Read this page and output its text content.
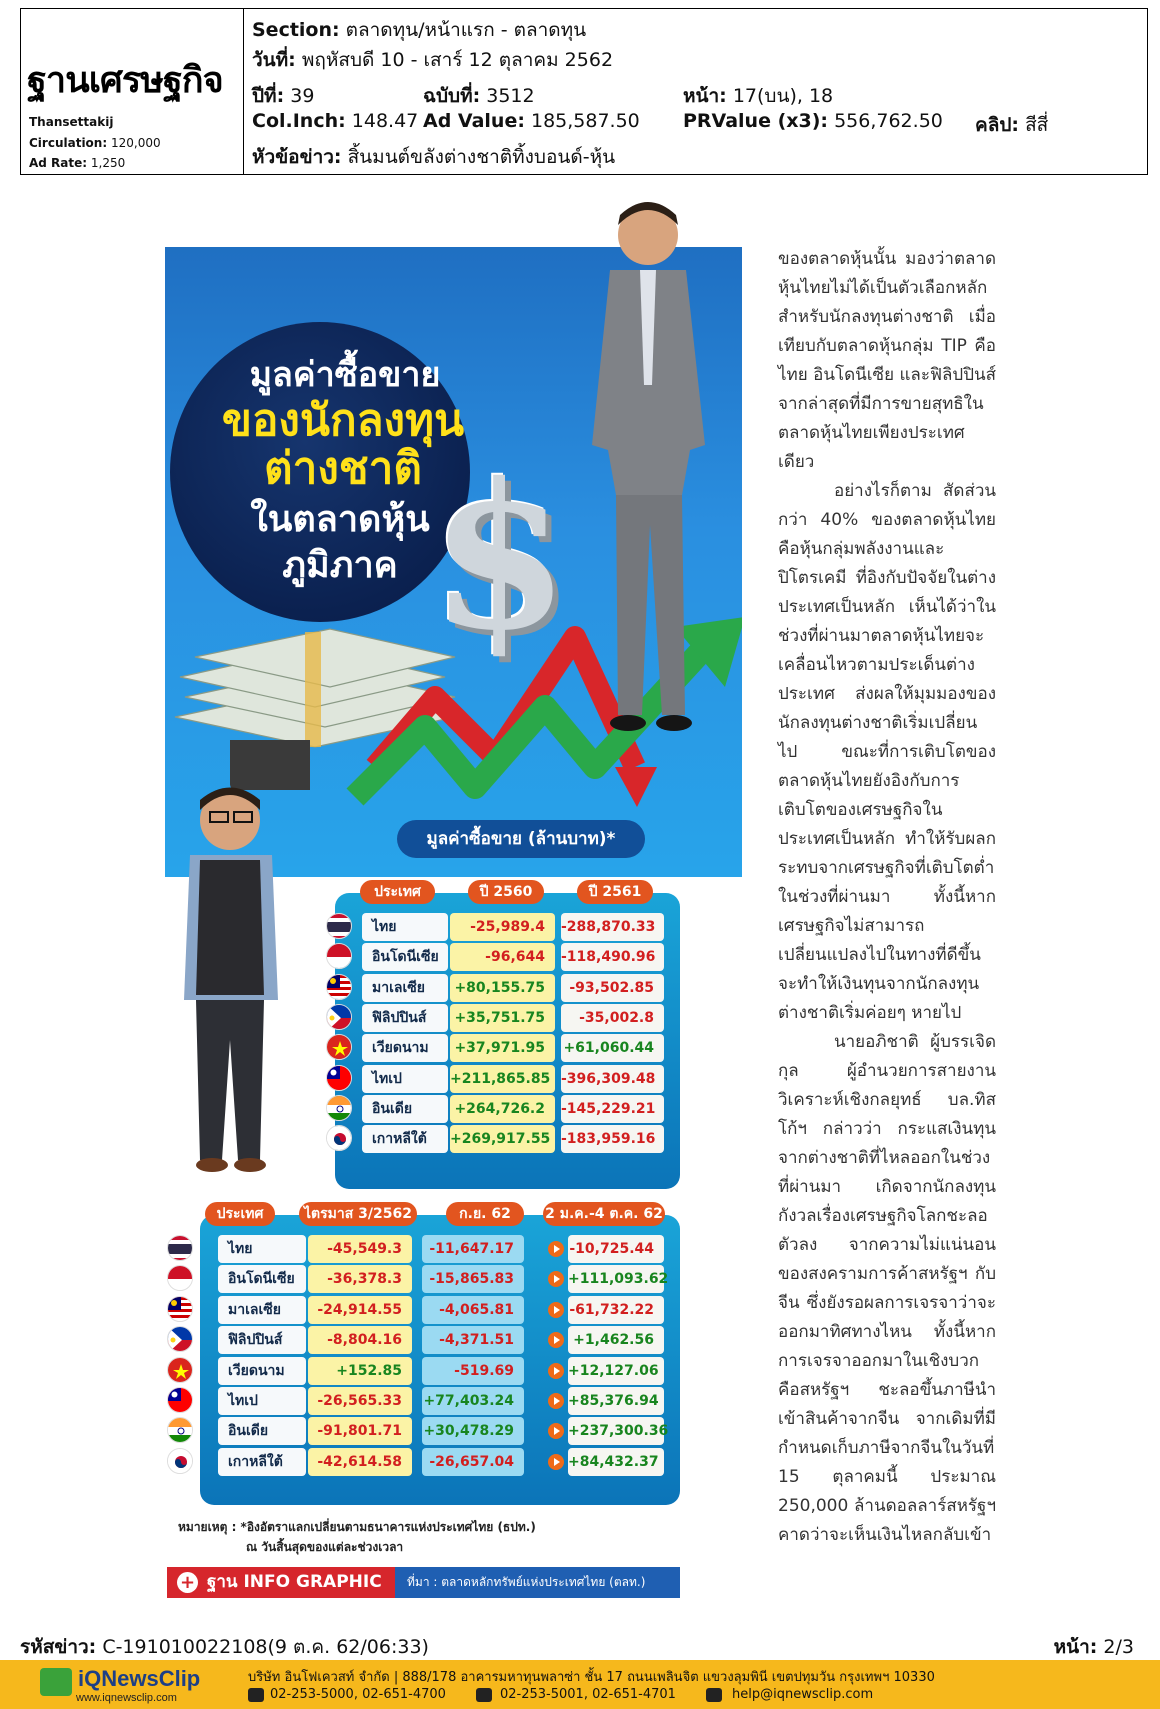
ฐานเศรษฐกิจ
Thansettakij
Circulation: 120,000
Ad Rate: 1,250
Section: ตลาดทุน/หน้าแรก - ตลาดทุน
วันที่: พฤหัสบดี 10 - เสาร์ 12 ตุลาคม 2562
ปีที่: 39	ฉบับที่: 3512	หน้า: 17(บน), 18
Col.Inch: 148.47 Ad Value: 185,587.50 PRValue (x3): 556,762.50 คลิป: สีสี่
หัวข้อข่าว: สิ้นมนต์ขลังต่างชาติทิ้งบอนด์-หุ้น
มูลค่าซื้อขาย
ของนักลงทุน
ต่างชาติ
ในตลาดหุ้น
ภูมิภาค
มูลค่าซื้อขาย (ล้านบาท)*
$
ประเทศ	ปี 2560	ปี 2561
ไทย	-25,989.4	-288,870.33
อินโดนีเซีย	-96,644	-118,490.96
มาเลเซีย	+80,155.75	-93,502.85
ฟิลิปปินส์	+35,751.75	-35,002.8
เวียดนาม	+37,971.95	+61,060.44
ไทเป	+211,865.85 -396,309.48
อินเดีย	+264,726.2	-145,229.21
เกาหลีใต้	+269,917.55 -183,959.16
ประเทศ	ไตรมาส 3/2562	ก.ย. 62	2 ม.ค.-4 ต.ค. 62
ไทย	-45,549.3	-11,647.17	-10,725.44
อินโดนีเซีย	-36,378.3	-15,865.83	+111,093.62
มาเลเซีย	-24,914.55	-4,065.81	-61,732.22
ฟิลิปปินส์	-8,804.16	-4,371.51	+1,462.56
เวียดนาม	+152.85	-519.69	+12,127.06
ไทเป	-26,565.33	+77,403.24	+85,376.94
อินเดีย	-91,801.71	+30,478.29	+237,300.36
เกาหลีใต้	-42,614.58	-26,657.04	+84,432.37
หมายเหตุ : *อิงอัตราแลกเปลี่ยนตามธนาคารแห่งประเทศไทย (ธปท.)
ณ วันสิ้นสุดของแต่ละช่วงเวลา
+ ฐาน INFO GRAPHIC ที่มา : ตลาดหลักทรัพย์แห่งประเทศไทย (ตลท.)

ของตลาดหุ้นนั้น มองว่าตลาดหุ้นไทยไม่ได้เป็นตัวเลือกหลักสำหรับนักลงทุนต่างชาติ เมื่อเทียบกับตลาดหุ้นกลุ่ม TIP คือ ไทย อินโดนีเซีย และฟิลิปปินส์ จากล่าสุดที่มีการขายสุทธิในตลาดหุ้นไทยเพียงประเทศเดียว

อย่างไรก็ตาม สัดส่วนกว่า 40% ของตลาดหุ้นไทยคือหุ้นกลุ่มพลังงานและปิโตรเคมี ที่อิงกับปัจจัยในต่างประเทศเป็นหลัก เห็นได้ว่าในช่วงที่ผ่านมาตลาดหุ้นไทยจะเคลื่อนไหวตามประเด็นต่างประเทศ ส่งผลให้มุมมองของนักลงทุนต่างชาติเริ่มเปลี่ยนไป ขณะที่การเติบโตของตลาดหุ้นไทยยังอิงกับการเติบโตของเศรษฐกิจในประเทศเป็นหลัก ทำให้รับผลกระทบจากเศรษฐกิจที่เติบโตต่ำในช่วงที่ผ่านมา ทั้งนี้หากเศรษฐกิจไม่สามารถเปลี่ยนแปลงไปในทางที่ดีขึ้น จะทำให้เงินทุนจากนักลงทุนต่างชาติเริ่มค่อยๆ หายไป

นายอภิชาติ ผู้บรรเจิดกุล ผู้อำนวยการสายงานวิเคราะห์เชิงกลยุทธ์ บล.ทิสโก้ฯ กล่าวว่า กระแสเงินทุนจากต่างชาติที่ไหลออกในช่วงที่ผ่านมา เกิดจากนักลงทุนกังวลเรื่องเศรษฐกิจโลกชะลอตัวลง จากความไม่แน่นอนของสงครามการค้าสหรัฐฯ กับจีน ซึ่งยังรอผลการเจรจาว่าจะออกมาทิศทางไหน ทั้งนี้หากการเจรจาออกมาในเชิงบวก คือสหรัฐฯ ชะลอขึ้นภาษีนำเข้าสินค้าจากจีน จากเดิมที่มีกำหนดเก็บภาษีจากจีนในวันที่ 15 ตุลาคมนี้ ประมาณ 250,000 ล้านดอลลาร์สหรัฐฯ คาดว่าจะเห็นเงินไหลกลับเข้า

รหัสข่าว: C-191010022108(9 ต.ค. 62/06:33)	หน้า: 2/3
iQNewsClip
www.iqnewsclip.com
บริษัท อินโฟเควสท์ จำกัด | 888/178 อาคารมหาทุนพลาซ่า ชั้น 17 ถนนเพลินจิต แขวงลุมพินี เขตปทุมวัน กรุงเทพฯ 10330
02-253-5000, 02-651-4700	02-253-5001, 02-651-4701	help@iqnewsclip.com
